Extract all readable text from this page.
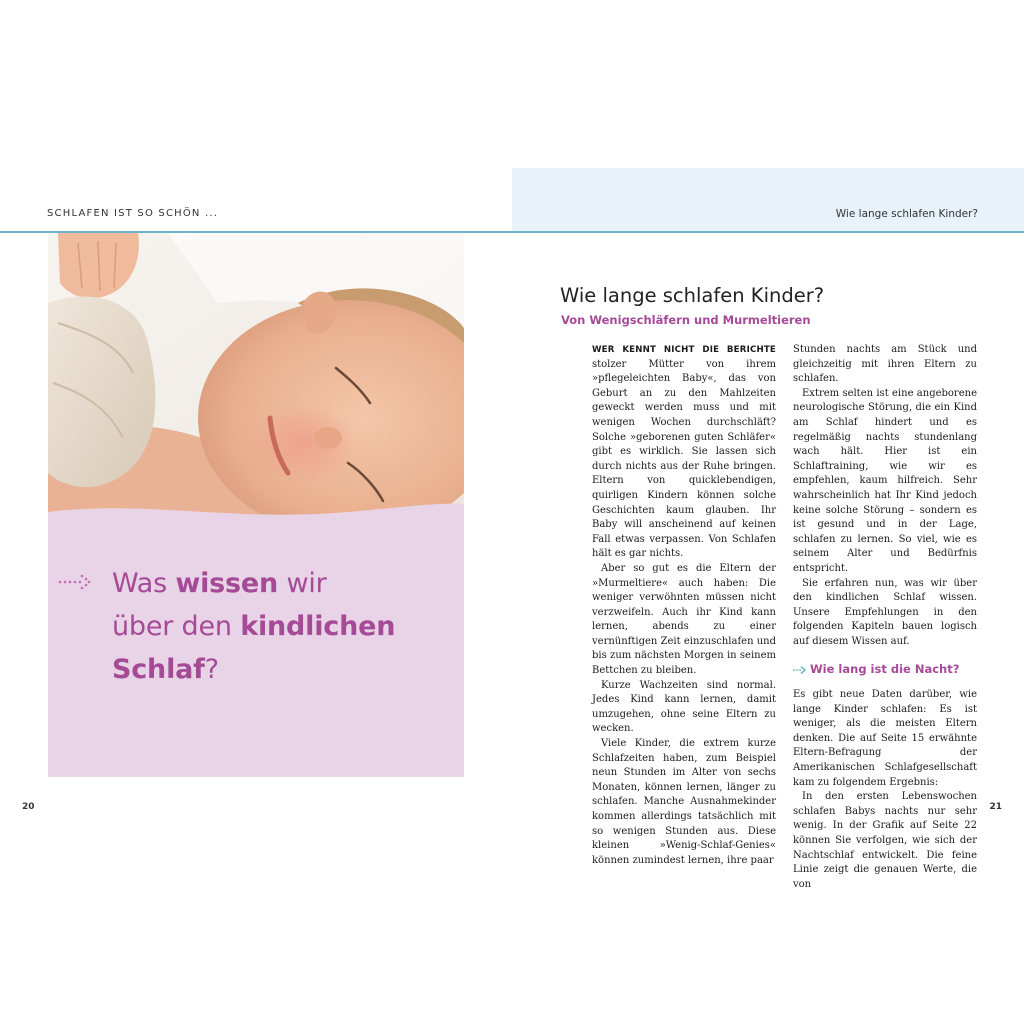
SCHLAFEN IST SO SCHÖN ...	Wie lange schlafen Kinder?
Was wissen wir
über den kindlichen
Schlaf?
Wie lange schlafen Kinder?
Von Wenigschläfern und Murmeltieren

WER KENNT NICHT DIE BERICHTE stolzer Mütter von ihrem »pflegeleichten Baby«, das von Geburt an zu den Mahlzeiten geweckt werden muss und mit wenigen Wochen durchschläft? Solche »geborenen guten Schläfer« gibt es wirklich. Sie lassen sich durch nichts aus der Ruhe bringen. Eltern von quicklebendigen, quirligen Kindern können solche Geschichten kaum glauben. Ihr Baby will anscheinend auf keinen Fall etwas verpassen. Von Schlafen hält es gar nichts.

Aber so gut es die Eltern der »Murmeltiere« auch haben: Die weniger verwöhnten müssen nicht verzweifeln. Auch ihr Kind kann lernen, abends zu einer vernünftigen Zeit einzuschlafen und bis zum nächsten Morgen in seinem Bettchen zu bleiben.

Kurze Wachzeiten sind normal. Jedes Kind kann lernen, damit umzugehen, ohne seine Eltern zu wecken.

Viele Kinder, die extrem kurze Schlafzeiten haben, zum Beispiel neun Stunden im Alter von sechs Monaten, können lernen, länger zu schlafen. Manche Ausnahmekinder kommen allerdings tatsächlich mit so wenigen Stunden aus. Diese kleinen »Wenig-Schlaf-Genies« können zumindest lernen, ihre paar

Stunden nachts am Stück und gleichzeitig mit ihren Eltern zu schlafen.

Extrem selten ist eine angeborene neurologische Störung, die ein Kind am Schlaf hindert und es regelmäßig nachts stundenlang wach hält. Hier ist ein Schlaftraining, wie wir es empfehlen, kaum hilfreich. Sehr wahrscheinlich hat Ihr Kind jedoch keine solche Störung – sondern es ist gesund und in der Lage, schlafen zu lernen. So viel, wie es seinem Alter und Bedürfnis entspricht.

Sie erfahren nun, was wir über den kindlichen Schlaf wissen. Unsere Empfehlungen in den folgenden Kapiteln bauen logisch auf diesem Wissen auf.

Wie lang ist die Nacht?

Es gibt neue Daten darüber, wie lange Kinder schlafen: Es ist weniger, als die meisten Eltern denken. Die auf Seite 15 erwähnte Eltern-Befragung der Amerikanischen Schlafgesellschaft kam zu folgendem Ergebnis:

In den ersten Lebenswochen schlafen Babys nachts nur sehr wenig. In der Grafik auf Seite 22 können Sie verfolgen, wie sich der Nachtschlaf entwickelt. Die feine Linie zeigt die genauen Werte, die von

20	21
